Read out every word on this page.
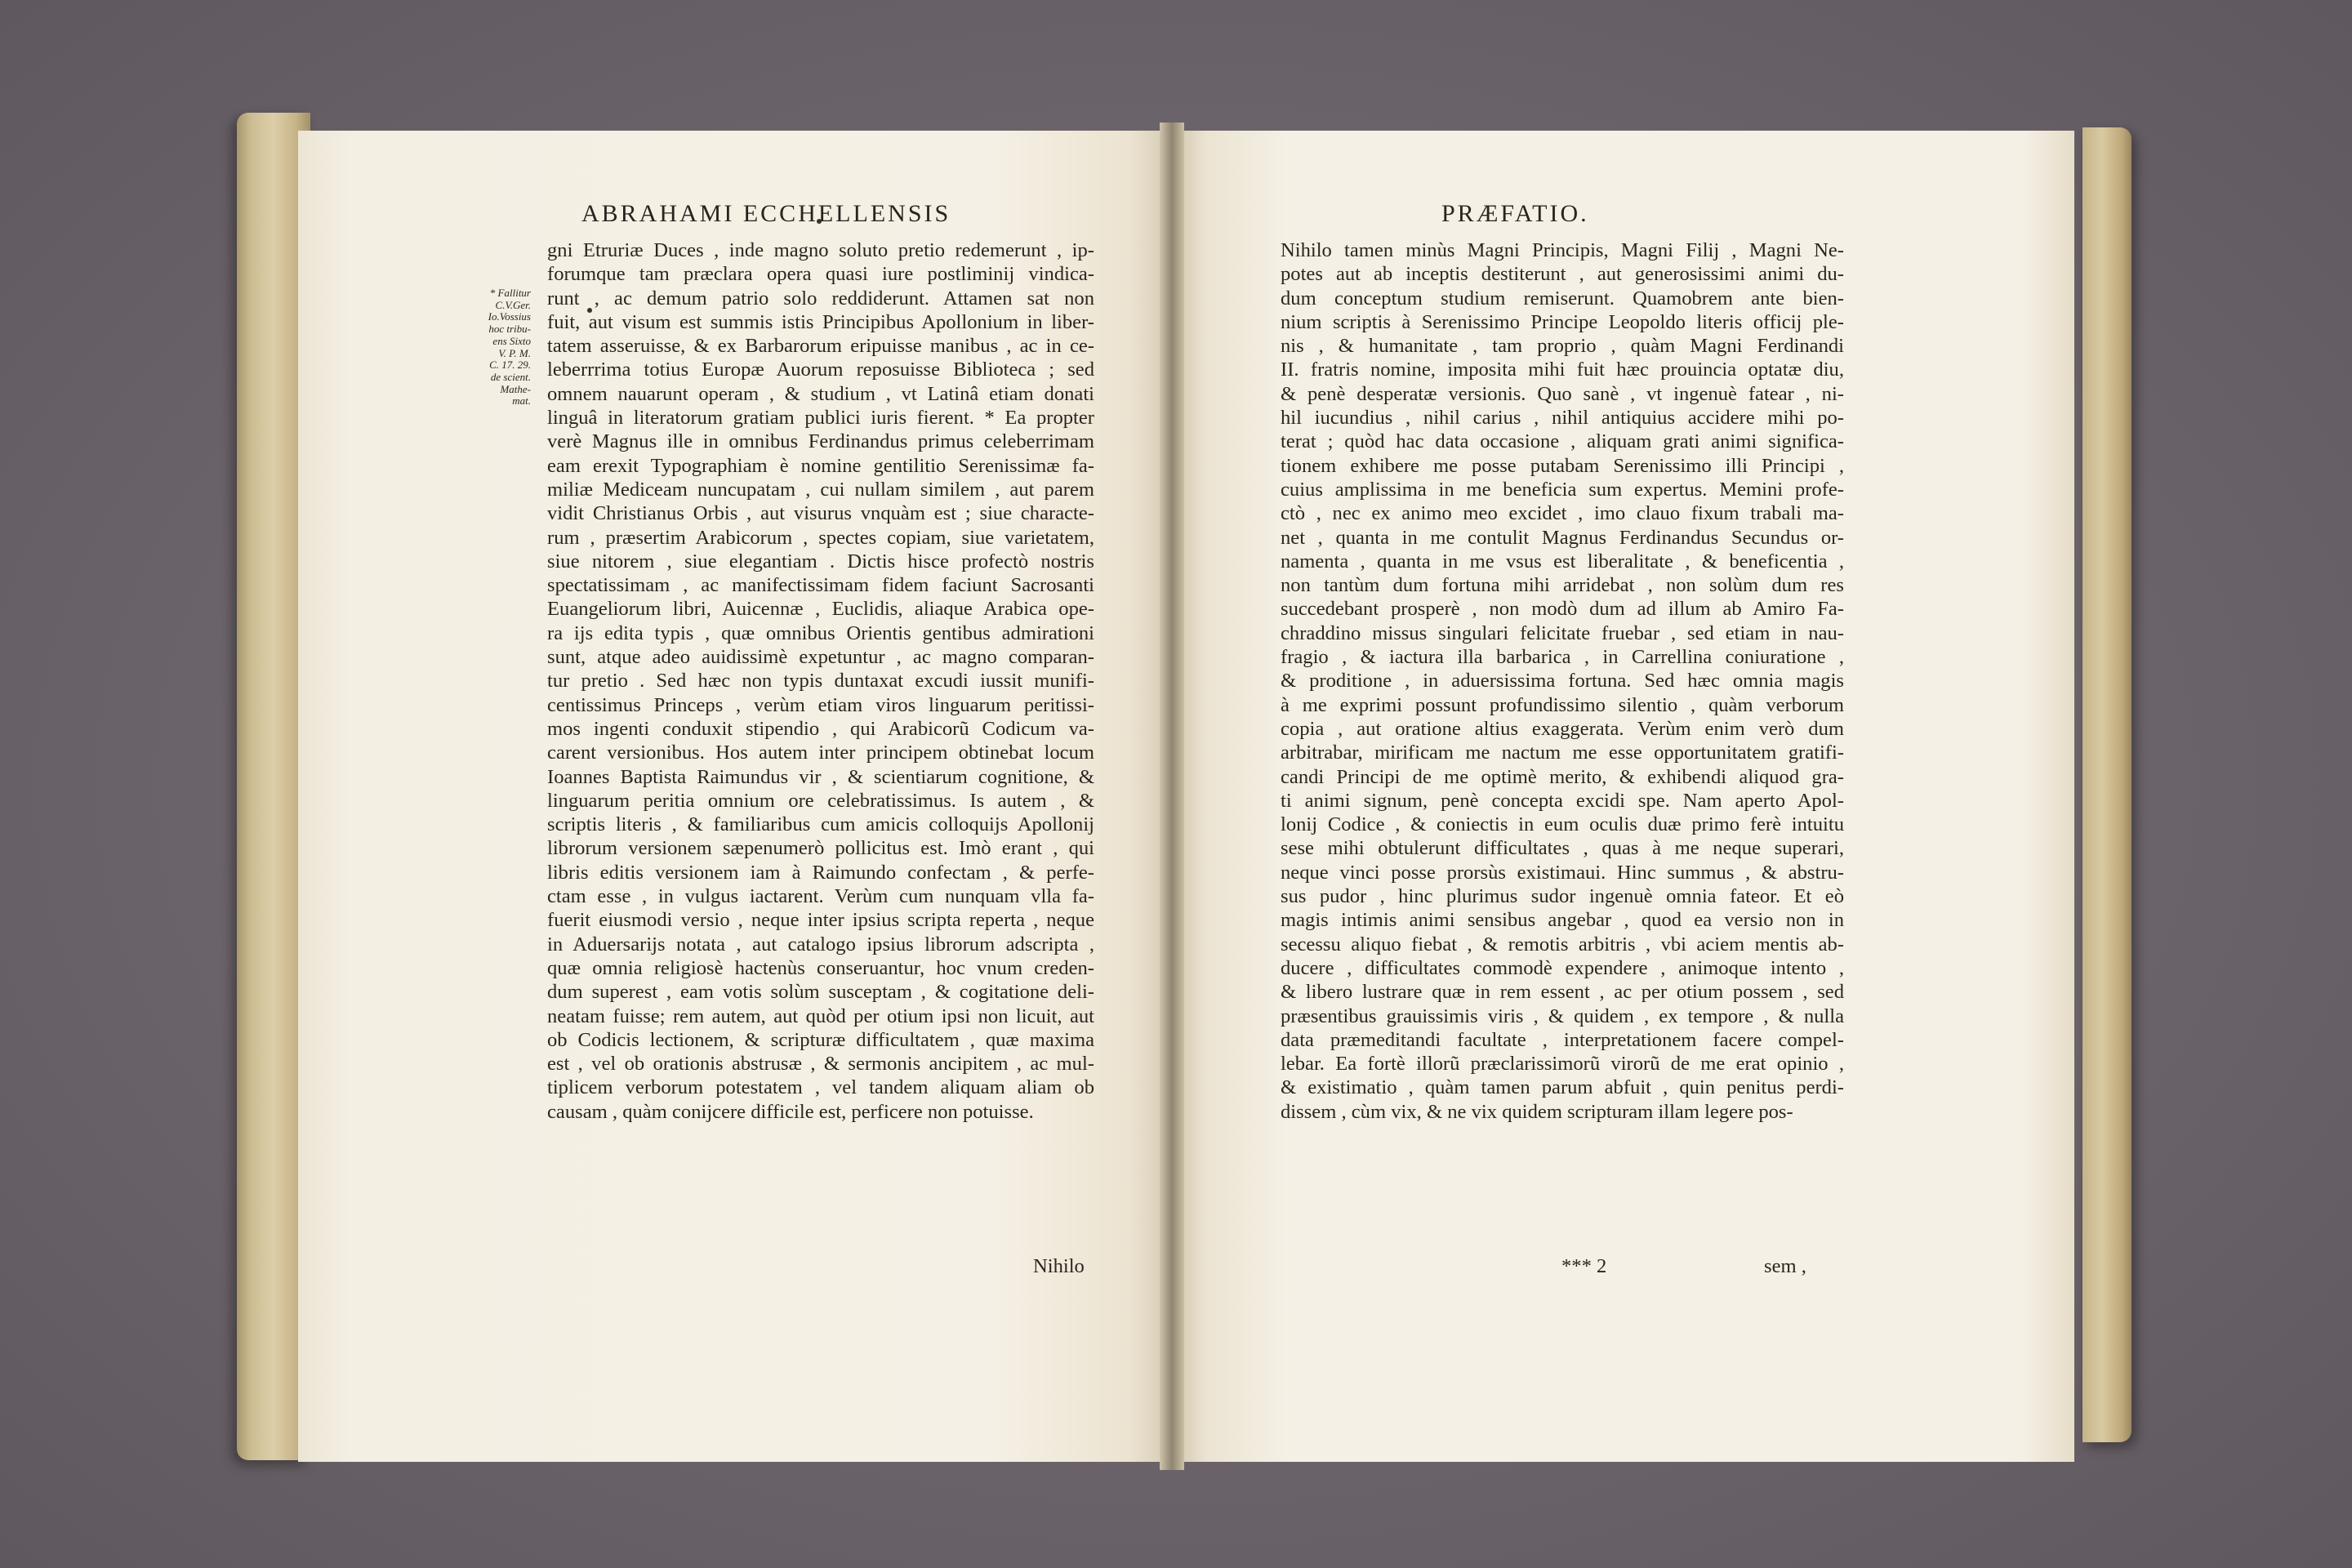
ABRAHAMI ECCHELLENSIS	PRÆFATIO.
* Fallitur
C.V.Ger.
Io.Vossius
hoc tribu-
ens Sixto
V. P. M.
C. 17. 29.
de scient.
Mathe-
mat.
gni Etruriæ Duces , inde magno soluto pretio redemerunt , ip-
forumque tam præclara opera quasi iure postliminij vindica-
runt , ac demum patrio solo reddiderunt. Attamen sat non
fuit, aut visum est summis istis Principibus Apollonium in liber-
tatem asseruisse, & ex Barbarorum eripuisse manibus , ac in ce-
leberrrima totius Europæ Auorum reposuisse Biblioteca ; sed
omnem nauarunt operam , & studium , vt Latinâ etiam donati
linguâ in literatorum gratiam publici iuris fierent. * Ea propter
verè Magnus ille in omnibus Ferdinandus primus celeberrimam
eam erexit Typographiam è nomine gentilitio Serenissimæ fa-
miliæ Mediceam nuncupatam , cui nullam similem , aut parem
vidit Christianus Orbis , aut visurus vnquàm est ; siue characte-
rum , præsertim Arabicorum , spectes copiam, siue varietatem,
siue nitorem , siue elegantiam . Dictis hisce profectò nostris
spectatissimam , ac manifectissimam fidem faciunt Sacrosanti
Euangeliorum libri, Auicennæ , Euclidis, aliaque Arabica ope-
ra ijs edita typis , quæ omnibus Orientis gentibus admirationi
sunt, atque adeo auidissimè expetuntur , ac magno comparan-
tur pretio . Sed hæc non typis duntaxat excudi iussit munifi-
centissimus Princeps , verùm etiam viros linguarum peritissi-
mos ingenti conduxit stipendio , qui Arabicorũ Codicum va-
carent versionibus. Hos autem inter principem obtinebat locum
Ioannes Baptista Raimundus vir , & scientiarum cognitione, &
linguarum peritia omnium ore celebratissimus. Is autem , &
scriptis literis , & familiaribus cum amicis colloquijs Apollonij
librorum versionem sæpenumerò pollicitus est. Imò erant , qui
libris editis versionem iam à Raimundo confectam , & perfe-
ctam esse , in vulgus iactarent. Verùm cum nunquam vlla fa-
fuerit eiusmodi versio , neque inter ipsius scripta reperta , neque
in Aduersarijs notata , aut catalogo ipsius librorum adscripta ,
quæ omnia religiosè hactenùs conseruantur, hoc vnum creden-
dum superest , eam votis solùm susceptam , & cogitatione deli-
neatam fuisse; rem autem, aut quòd per otium ipsi non licuit, aut
ob Codicis lectionem, & scripturæ difficultatem , quæ maxima
est , vel ob orationis abstrusæ , & sermonis ancipitem , ac mul-
tiplicem verborum potestatem , vel tandem aliquam aliam ob
causam , quàm conijcere difficile est, perficere non potuisse.
Nihilo tamen minùs Magni Principis, Magni Filij , Magni Ne-
potes aut ab inceptis destiterunt , aut generosissimi animi du-
dum conceptum studium remiserunt. Quamobrem ante bien-
nium scriptis à Serenissimo Principe Leopoldo literis officij ple-
nis , & humanitate , tam proprio , quàm Magni Ferdinandi
II. fratris nomine, imposita mihi fuit hæc prouincia optatæ diu,
& penè desperatæ versionis. Quo sanè , vt ingenuè fatear , ni-
hil iucundius , nihil carius , nihil antiquius accidere mihi po-
terat ; quòd hac data occasione , aliquam grati animi significa-
tionem exhibere me posse putabam Serenissimo illi Principi ,
cuius amplissima in me beneficia sum expertus. Memini profe-
ctò , nec ex animo meo excidet , imo clauo fixum trabali ma-
net , quanta in me contulit Magnus Ferdinandus Secundus or-
namenta , quanta in me vsus est liberalitate , & beneficentia ,
non tantùm dum fortuna mihi arridebat , non solùm dum res
succedebant prosperè , non modò dum ad illum ab Amiro Fa-
chraddino missus singulari felicitate fruebar , sed etiam in nau-
fragio , & iactura illa barbarica , in Carrellina coniuratione ,
& proditione , in aduersissima fortuna. Sed hæc omnia magis
à me exprimi possunt profundissimo silentio , quàm verborum
copia , aut oratione altius exaggerata. Verùm enim verò dum
arbitrabar, mirificam me nactum me esse opportunitatem gratifi-
candi Principi de me optimè merito, & exhibendi aliquod gra-
ti animi signum, penè concepta excidi spe. Nam aperto Apol-
lonij Codice , & coniectis in eum oculis duæ primo ferè intuitu
sese mihi obtulerunt difficultates , quas à me neque superari,
neque vinci posse prorsùs existimaui. Hinc summus , & abstru-
sus pudor , hinc plurimus sudor ingenuè omnia fateor. Et eò
magis intimis animi sensibus angebar , quod ea versio non in
secessu aliquo fiebat , & remotis arbitris , vbi aciem mentis ab-
ducere , difficultates commodè expendere , animoque intento ,
& libero lustrare quæ in rem essent , ac per otium possem , sed
præsentibus grauissimis viris , & quidem , ex tempore , & nulla
data præmeditandi facultate , interpretationem facere compel-
lebar. Ea fortè illorũ præclarissimorũ virorũ de me erat opinio ,
& existimatio , quàm tamen parum abfuit , quin penitus perdi-
dissem , cùm vix, & ne vix quidem scripturam illam legere pos-
Nihilo	*** 2	sem ,
